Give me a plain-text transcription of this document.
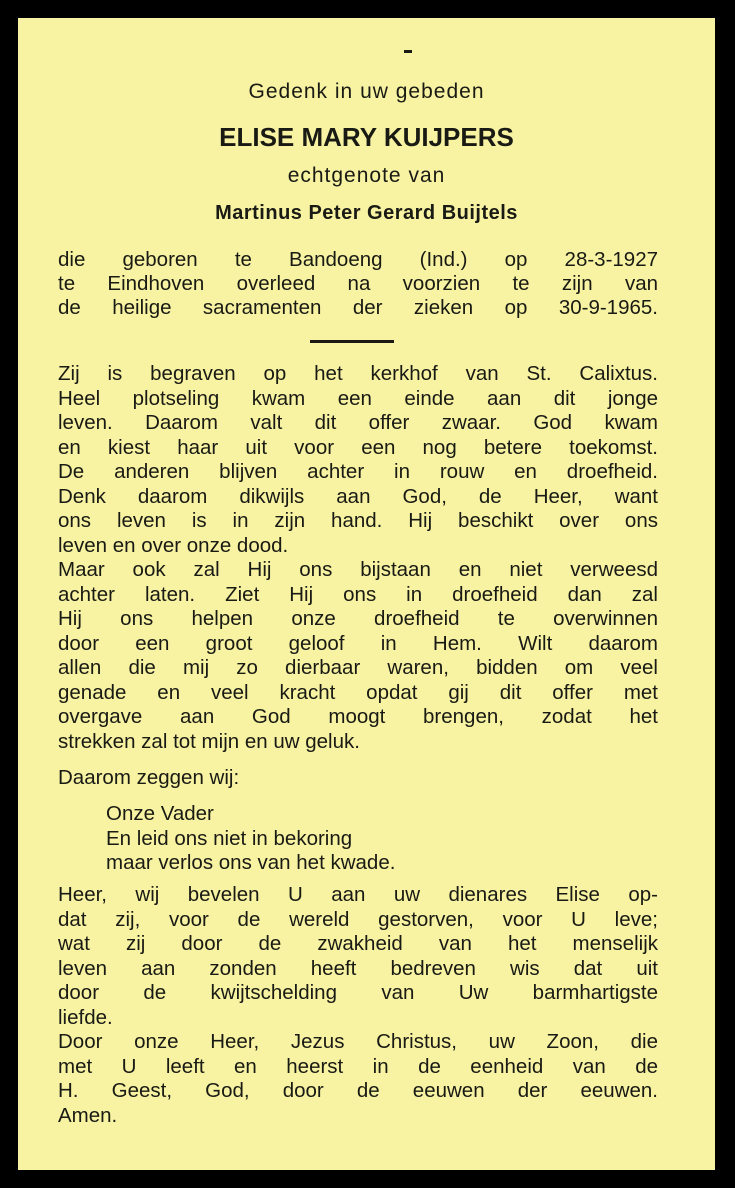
Gedenk in uw gebeden

ELISE MARY KUIJPERS

echtgenote van

Martinus Peter Gerard Buijtels

die geboren te Bandoeng (Ind.) op 28-3-1927

te Eindhoven overleed na voorzien te zijn van

de heilige sacramenten der zieken op 30-9-1965.

Zij is begraven op het kerkhof van St. Calixtus.

Heel plotseling kwam een einde aan dit jonge

leven. Daarom valt dit offer zwaar. God kwam

en kiest haar uit voor een nog betere toekomst.

De anderen blijven achter in rouw en droefheid.

Denk daarom dikwijls aan God, de Heer, want

ons leven is in zijn hand. Hij beschikt over ons

leven en over onze dood.

Maar ook zal Hij ons bijstaan en niet verweesd

achter laten. Ziet Hij ons in droefheid dan zal

Hij ons helpen onze droefheid te overwinnen

door een groot geloof in Hem. Wilt daarom

allen die mij zo dierbaar waren, bidden om veel

genade en veel kracht opdat gij dit offer met

overgave aan God moogt brengen, zodat het

strekken zal tot mijn en uw geluk.

Daarom zeggen wij:

Onze Vader

En leid ons niet in bekoring

maar verlos ons van het kwade.

Heer, wij bevelen U aan uw dienares Elise op-

dat zij, voor de wereld gestorven, voor U leve;

wat zij door de zwakheid van het menselijk

leven aan zonden heeft bedreven wis dat uit

door de kwijtschelding van Uw barmhartigste

liefde.

Door onze Heer, Jezus Christus, uw Zoon, die

met U leeft en heerst in de eenheid van de

H. Geest, God, door de eeuwen der eeuwen.

Amen.
